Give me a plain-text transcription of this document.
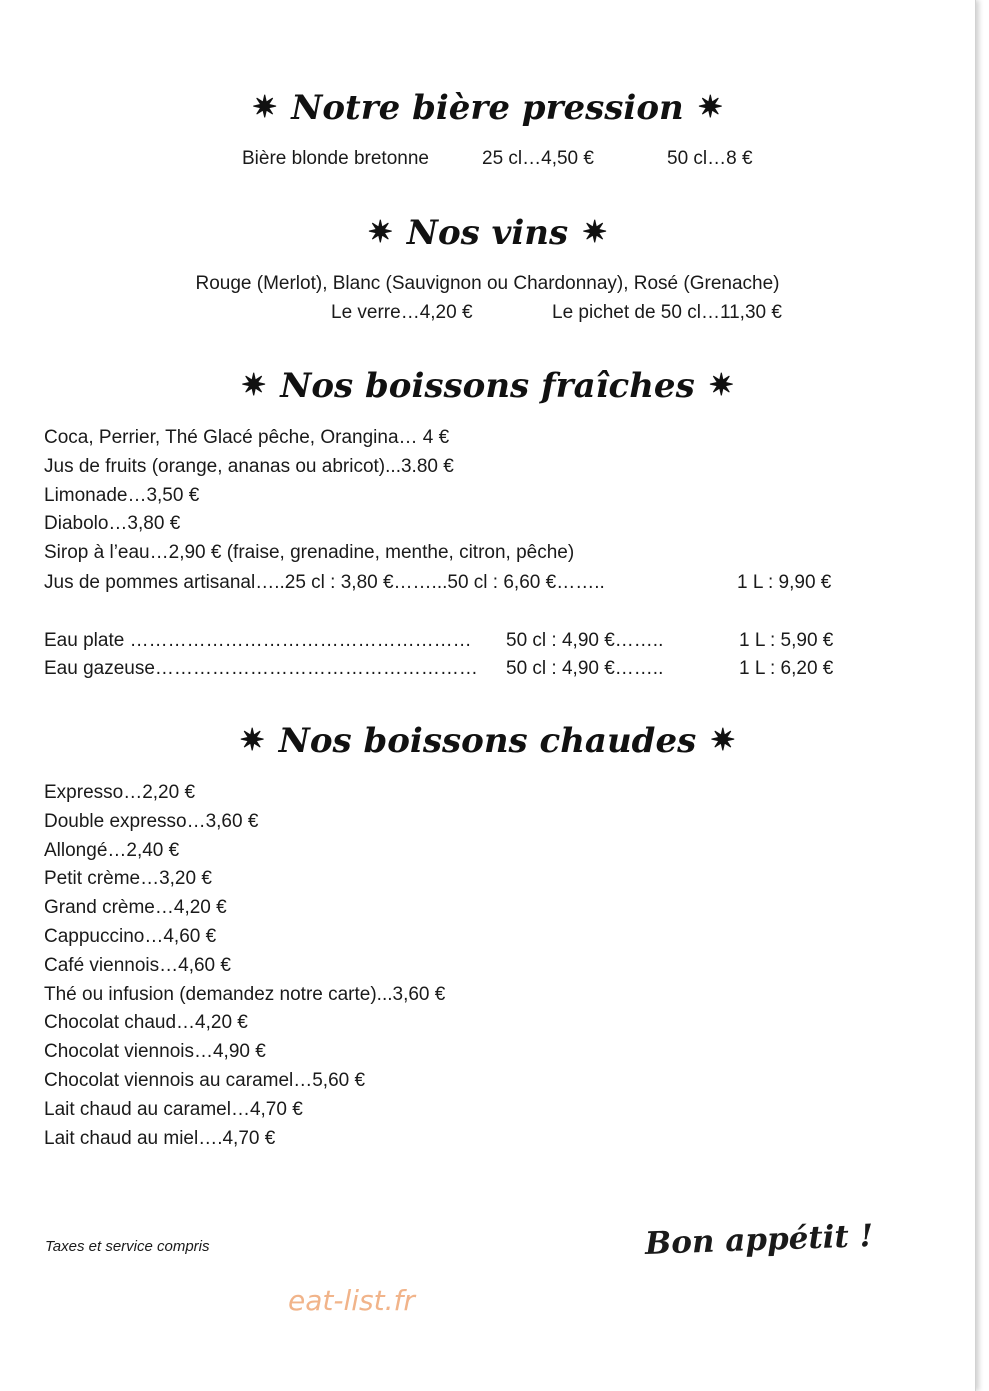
✷ Notre bière pression ✷
Bière blonde bretonne	25 cl…4,50 €	50 cl…8 €
✷ Nos vins ✷
Rouge (Merlot), Blanc (Sauvignon ou Chardonnay), Rosé (Grenache)
Le verre…4,20 €	Le pichet de 50 cl…11,30 €
✷ Nos boissons fraîches ✷
Coca, Perrier, Thé Glacé pêche, Orangina… 4 €
Jus de fruits (orange, ananas ou abricot)...3.80 €
Limonade…3,50 €
Diabolo…3,80 €
Sirop à l’eau…2,90 € (fraise, grenadine, menthe, citron, pêche)
Jus de pommes artisanal…..25 cl : 3,80 €……...50 cl : 6,60 €……..	1 L : 9,90 €
Eau plate ……………………………………………… 50 cl : 4,90 €……..	1 L : 5,90 €
Eau gazeuse…………………………………………… 50 cl : 4,90 €……..	1 L : 6,20 €
✷ Nos boissons chaudes ✷
Expresso…2,20 €
Double expresso…3,60 €
Allongé…2,40 €
Petit crème…3,20 €
Grand crème…4,20 €
Cappuccino…4,60 €
Café viennois…4,60 €
Thé ou infusion (demandez notre carte)...3,60 €
Chocolat chaud…4,20 €
Chocolat viennois…4,90 €
Chocolat viennois au caramel…5,60 €
Lait chaud au caramel…4,70 €
Lait chaud au miel….4,70 €
Taxes et service compris	Bon appétit !
eat-list.fr
